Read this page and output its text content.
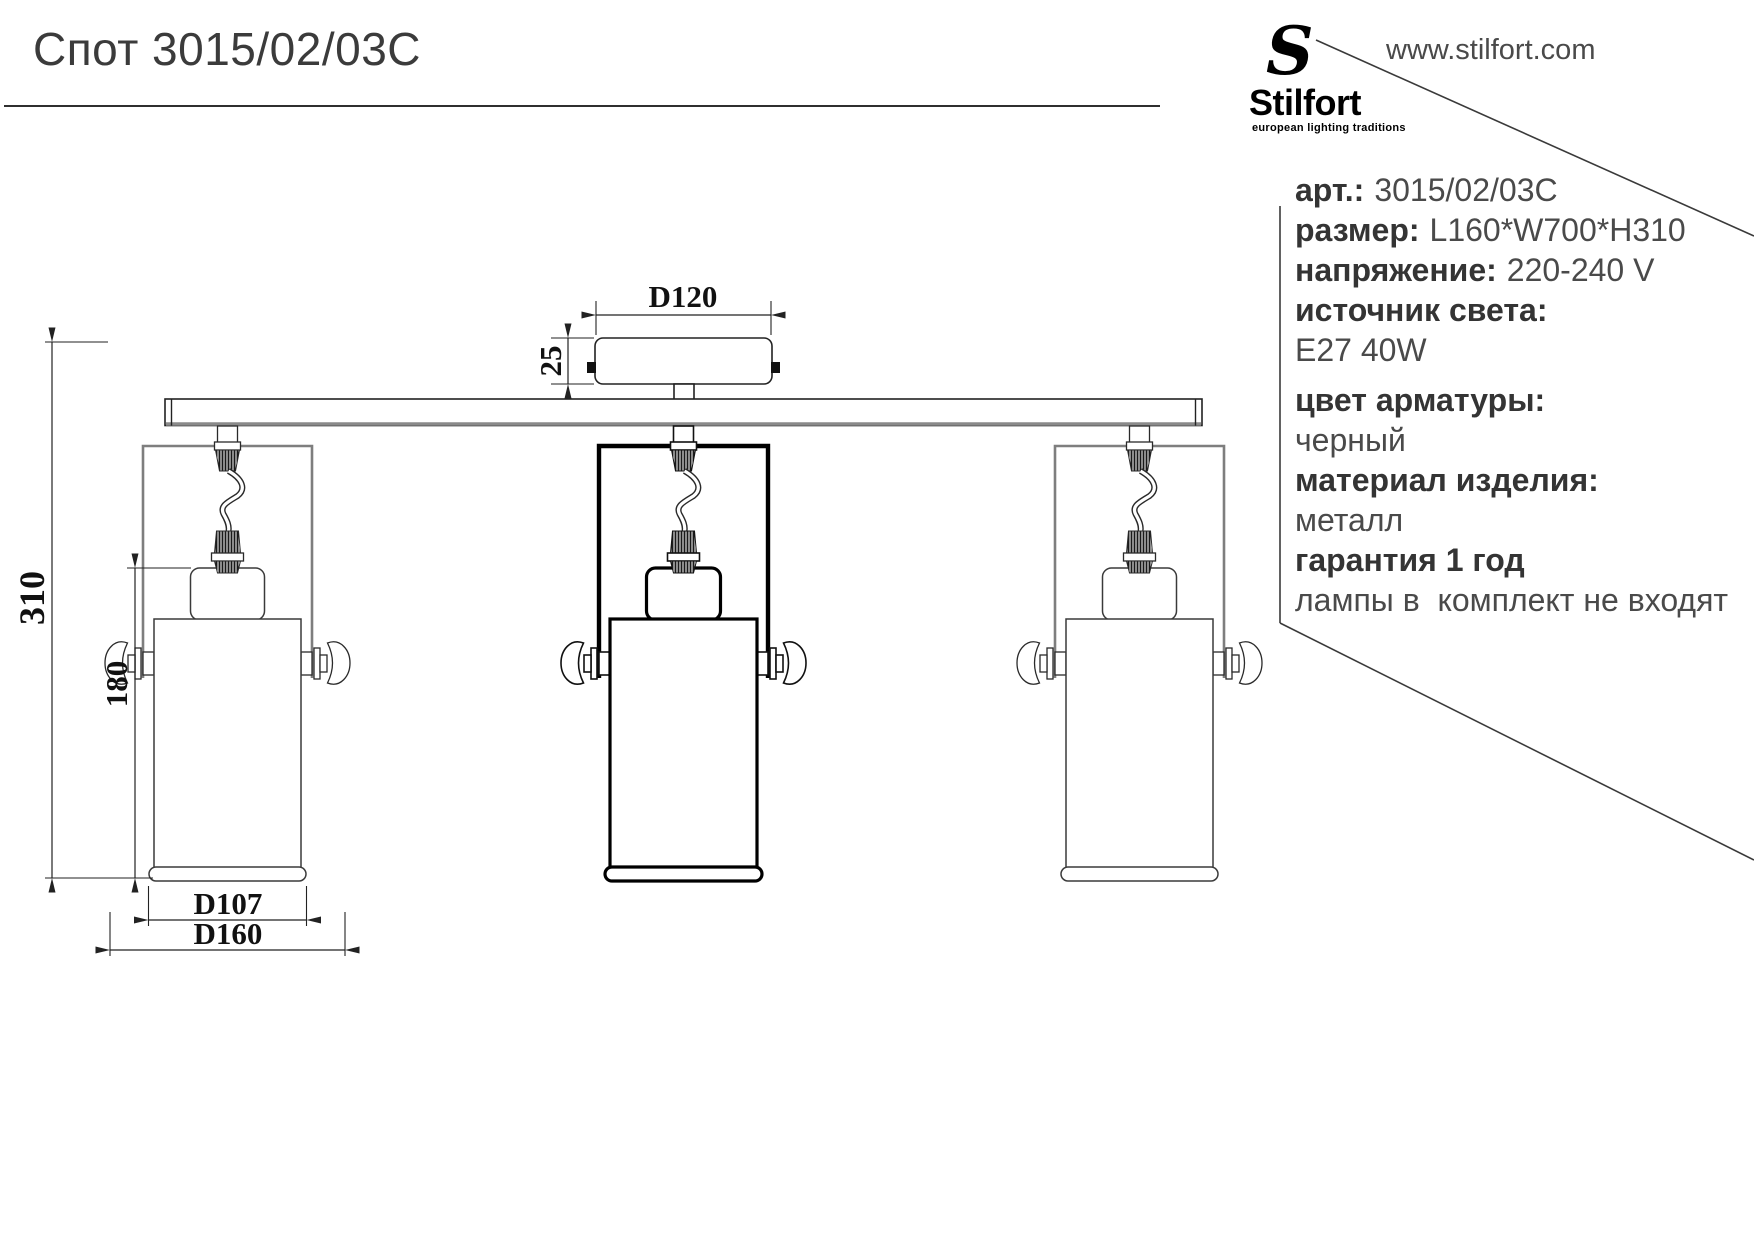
Спот 3015/02/03C	S
Stilfort
european lighting traditions
www.stilfort.com
арт.: 3015/02/03C
размер: L160*W700*H310
напряжение: 220-240 V
источник света:
E27 40W
цвет арматуры:
черный
материал изделия:
металл
гарантия 1 год
лампы в  комплект не входят
D120
25
310
180
D107
D160
